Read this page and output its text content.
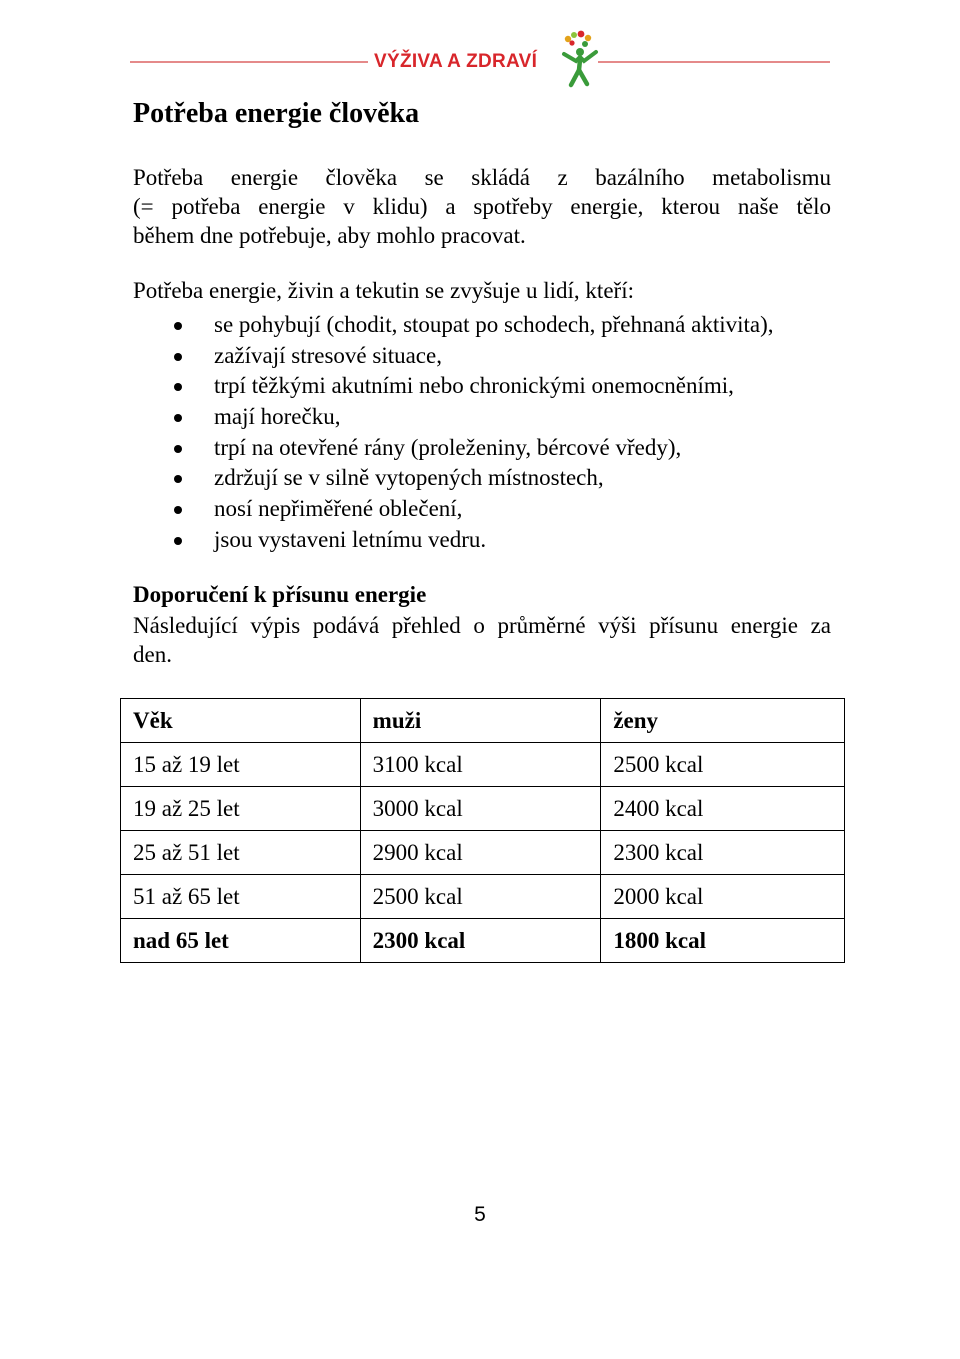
VÝŽIVA A ZDRAVÍ
Potřeba energie člověka

Potřeba energie člověka se skládá z bazálního metabolismu

(= potřeba energie v klidu) a spotřeby energie, kterou naše tělo

během dne potřebuje, aby mohlo pracovat.

Potřeba energie, živin a tekutin se zvyšuje u lidí, kteří:

se pohybují (chodit, stoupat po schodech, přehnaná aktivita),
zažívají stresové situace,
trpí těžkými akutními nebo chronickými onemocněními,
mají horečku,
trpí na otevřené rány (proleženiny, bércové vředy),
zdržují se v silně vytopených místnostech,
nosí nepřiměřené oblečení,
jsou vystaveni letnímu vedru.
Doporučení k přísunu energie

Následující výpis podává přehled o průměrné výši přísunu energie za

den.

Věk	muži	ženy
15 až 19 let	3100 kcal	2500 kcal
19 až 25 let	3000 kcal	2400 kcal
25 až 51 let	2900 kcal	2300 kcal
51 až 65 let	2500 kcal	2000 kcal
nad 65 let	2300 kcal	1800 kcal
5
